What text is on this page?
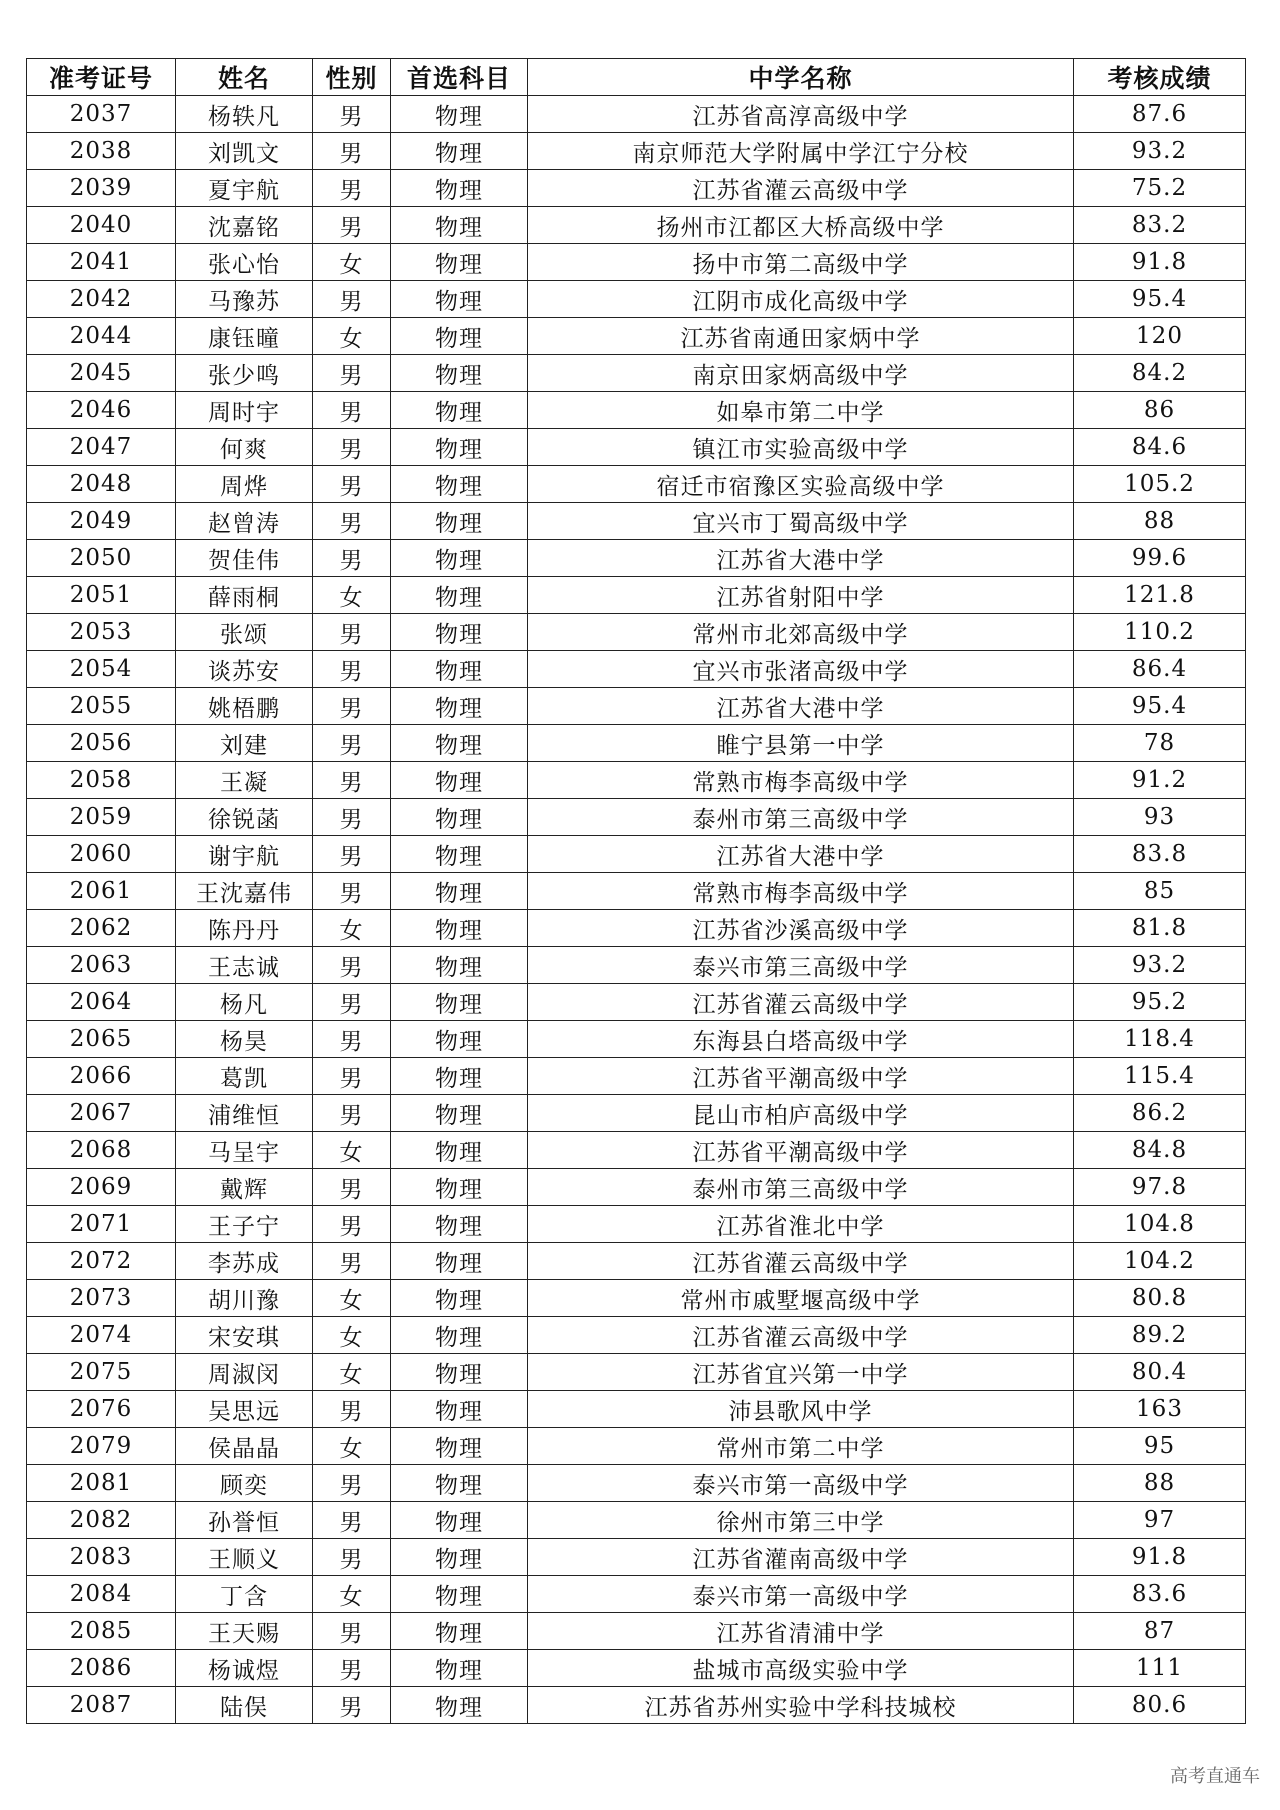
准考证号	姓名	性别	首选科目	中学名称	考核成绩
2037	杨轶凡	男	物理	江苏省高淳高级中学	87.6
2038	刘凯文	男	物理	南京师范大学附属中学江宁分校	93.2
2039	夏宇航	男	物理	江苏省灌云高级中学	75.2
2040	沈嘉铭	男	物理	扬州市江都区大桥高级中学	83.2
2041	张心怡	女	物理	扬中市第二高级中学	91.8
2042	马豫苏	男	物理	江阴市成化高级中学	95.4
2044	康钰曈	女	物理	江苏省南通田家炳中学	120
2045	张少鸣	男	物理	南京田家炳高级中学	84.2
2046	周时宇	男	物理	如皋市第二中学	86
2047	何爽	男	物理	镇江市实验高级中学	84.6
2048	周烨	男	物理	宿迁市宿豫区实验高级中学	105.2
2049	赵曾涛	男	物理	宜兴市丁蜀高级中学	88
2050	贺佳伟	男	物理	江苏省大港中学	99.6
2051	薛雨桐	女	物理	江苏省射阳中学	121.8
2053	张颂	男	物理	常州市北郊高级中学	110.2
2054	谈苏安	男	物理	宜兴市张渚高级中学	86.4
2055	姚梧鹏	男	物理	江苏省大港中学	95.4
2056	刘建	男	物理	睢宁县第一中学	78
2058	王凝	男	物理	常熟市梅李高级中学	91.2
2059	徐锐菡	男	物理	泰州市第三高级中学	93
2060	谢宇航	男	物理	江苏省大港中学	83.8
2061	王沈嘉伟	男	物理	常熟市梅李高级中学	85
2062	陈丹丹	女	物理	江苏省沙溪高级中学	81.8
2063	王志诚	男	物理	泰兴市第三高级中学	93.2
2064	杨凡	男	物理	江苏省灌云高级中学	95.2
2065	杨昊	男	物理	东海县白塔高级中学	118.4
2066	葛凯	男	物理	江苏省平潮高级中学	115.4
2067	浦维恒	男	物理	昆山市柏庐高级中学	86.2
2068	马呈宇	女	物理	江苏省平潮高级中学	84.8
2069	戴辉	男	物理	泰州市第三高级中学	97.8
2071	王子宁	男	物理	江苏省淮北中学	104.8
2072	李苏成	男	物理	江苏省灌云高级中学	104.2
2073	胡川豫	女	物理	常州市戚墅堰高级中学	80.8
2074	宋安琪	女	物理	江苏省灌云高级中学	89.2
2075	周淑闵	女	物理	江苏省宜兴第一中学	80.4
2076	吴思远	男	物理	沛县歌风中学	163
2079	侯晶晶	女	物理	常州市第二中学	95
2081	顾奕	男	物理	泰兴市第一高级中学	88
2082	孙誉恒	男	物理	徐州市第三中学	97
2083	王顺义	男	物理	江苏省灌南高级中学	91.8
2084	丁含	女	物理	泰兴市第一高级中学	83.6
2085	王天赐	男	物理	江苏省清浦中学	87
2086	杨诚煜	男	物理	盐城市高级实验中学	111
2087	陆俣	男	物理	江苏省苏州实验中学科技城校	80.6
高考直通车
